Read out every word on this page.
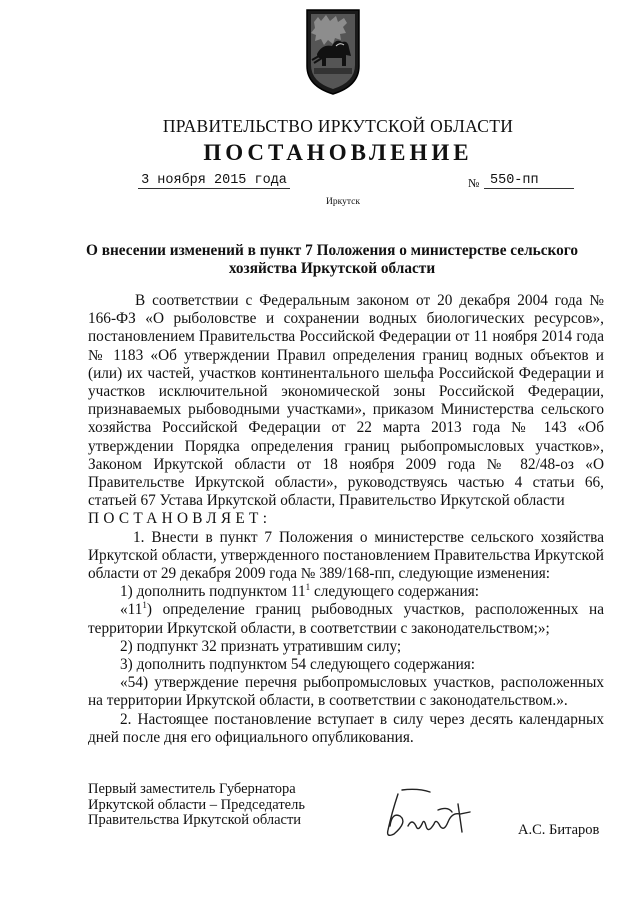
ПРАВИТЕЛЬСТВО ИРКУТСКОЙ ОБЛАСТИ
ПОСТАНОВЛЕНИЕ
3 ноября 2015 года	№ 550-пп
Иркутск
О внесении изменений в пункт 7 Положения о министерстве сельского хозяйства Иркутской области

В соответствии с Федеральным законом от 20 декабря 2004 года № 166-ФЗ «О рыболовстве и сохранении водных биологических ресурсов», постановлением Правительства Российской Федерации от 11 ноября 2014 года № 1183 «Об утверждении Правил определения границ водных объектов и (или) их частей, участков континентального шельфа Российской Федерации и участков исключительной экономической зоны Российской Федерации, признаваемых рыбоводными участками», приказом Министерства сельского хозяйства Российской Федерации от 22 марта 2013 года № 143 «Об утверждении Порядка определения границ рыбопромысловых участков», Законом Иркутской области от 18 ноября 2009 года № 82/48-оз «О Правительстве Иркутской области», руководствуясь частью 4 статьи 66, статьей 67 Устава Иркутской области, Правительство Иркутской области

ПОСТАНОВЛЯЕТ:

1. Внести в пункт 7 Положения о министерстве сельского хозяйства Иркутской области, утвержденного постановлением Правительства Иркутской области от 29 декабря 2009 года № 389/168-пп, следующие изменения:

1) дополнить подпунктом $11^1$ следующего содержания:

«$11^1$) определение границ рыбоводных участков, расположенных на территории Иркутской области, в соответствии с законодательством;»;

2) подпункт 32 признать утратившим силу;

3) дополнить подпунктом 54 следующего содержания:

«54) утверждение перечня рыбопромысловых участков, расположенных на территории Иркутской области, в соответствии с законодательством.».

2. Настоящее постановление вступает в силу через десять календарных дней после дня его официального опубликования.

Первый заместитель Губернатора
Иркутской области – Председатель
Правительства Иркутской области
А.С. Битаров
